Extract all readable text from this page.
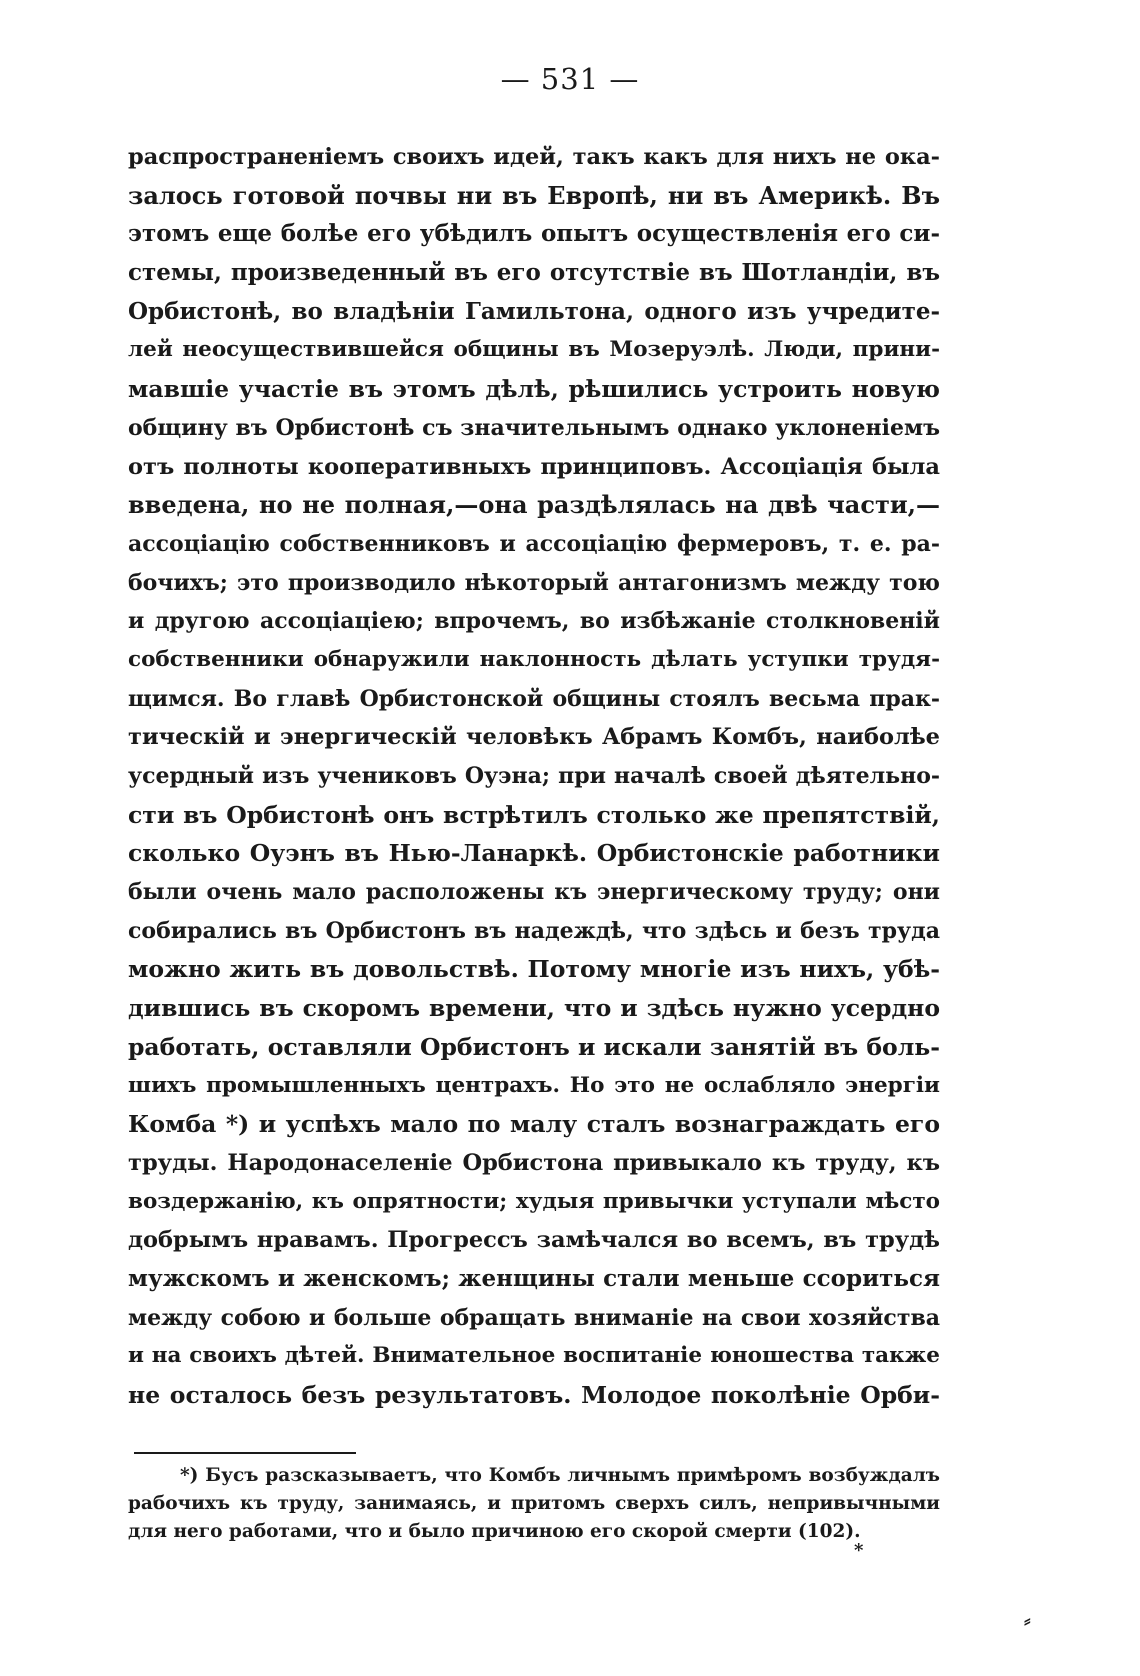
— 531 —
распространенiемъ своихъ идей, такъ какъ для нихъ не ока-
залось готовой почвы ни въ Европѣ, ни въ Америкѣ. Въ
этомъ еще болѣе его убѣдилъ опытъ осуществленія его си-
стемы, произведенный въ его отсутствiе въ Шотландiи, въ
Орбистонѣ, во владѣнiи Гамильтона, одного изъ учредите-
лей неосуществившейся общины въ Мозеруэлѣ. Люди, прини-
мавшiе участiе въ этомъ дѣлѣ, рѣшились устроить новую
общину въ Орбистонѣ съ значительнымъ однако уклоненiемъ
отъ полноты кооперативныхъ принциповъ. Ассоцiацiя была
введена, но не полная,—она раздѣлялась на двѣ части,—
ассоцiацiю собственниковъ и ассоцiацiю фермеровъ, т. е. ра-
бочихъ; это производило нѣкоторый антагонизмъ между тою
и другою ассоцiацiею; впрочемъ, во избѣжанiе столкновенiй
собственники обнаружили наклонность дѣлать уступки трудя-
щимся. Во главѣ Орбистонской общины стоялъ весьма прак-
тическiй и энергическiй человѣкъ Абрамъ Комбъ, наиболѣе
усердный изъ учениковъ Оуэна; при началѣ своей дѣятельно-
сти въ Орбистонѣ онъ встрѣтилъ столько же препятствiй,
сколько Оуэнъ въ Нью-Ланаркѣ. Орбистонскiе работники
были очень мало расположены къ энергическому труду; они
собирались въ Орбистонъ въ надеждѣ, что здѣсь и безъ труда
можно жить въ довольствѣ. Потому многiе изъ нихъ, убѣ-
дившись въ скоромъ времени, что и здѣсь нужно усердно
работать, оставляли Орбистонъ и искали занятiй въ боль-
шихъ промышленныхъ центрахъ. Но это не ослабляло энергiи
Комба *) и успѣхъ мало по малу сталъ вознаграждать его
труды. Народонаселенiе Орбистона привыкало къ труду, къ
воздержанiю, къ опрятности; худыя привычки уступали мѣсто
добрымъ нравамъ. Прогрессъ замѣчался во всемъ, въ трудѣ
мужскомъ и женскомъ; женщины стали меньше ссориться
между собою и больше обращать вниманiе на свои хозяйства
и на своихъ дѣтей. Внимательное воспитанiе юношества также
не осталось безъ результатовъ. Молодое поколѣнiе Орби-
*) Бусъ разсказываетъ, что Комбъ личнымъ примѣромъ возбуждалъ
рабочихъ къ труду, занимаясь, и притомъ сверхъ силъ, непривычными
для него работами, что и было причиною его скорой смерти (102).
*
⸗
